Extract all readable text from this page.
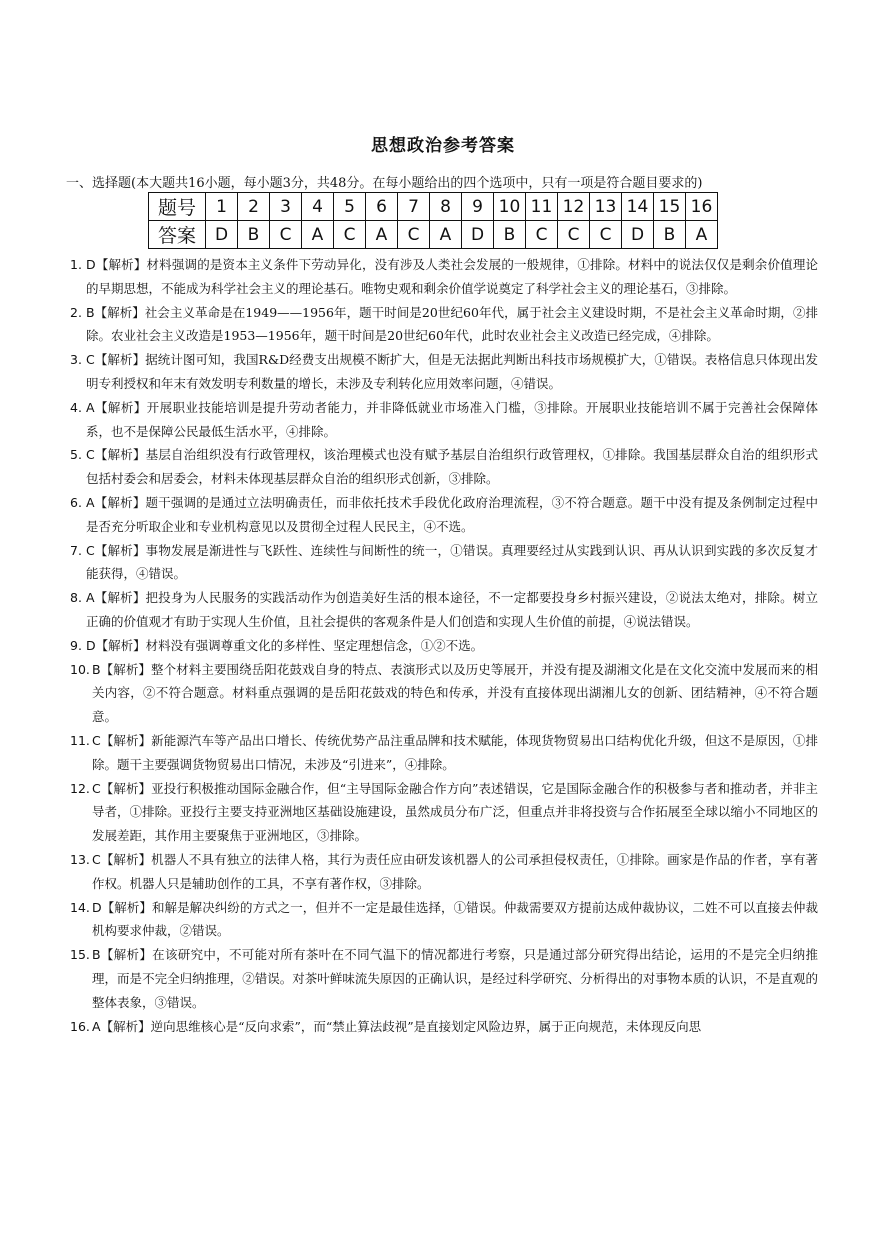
思想政治参考答案
一、选择题(本大题共16小题，每小题3分，共48分。在每小题给出的四个选项中，只有一项是符合题目要求的)
题号	1	2	3	4	5	6	7	8	9	10	11	12	13	14	15	16
答案	D	B	C	A	C	A	C	A	D	B	C	C	C	D	B	A
1. D【解析】材料强调的是资本主义条件下劳动异化，没有涉及人类社会发展的一般规律，①排除。材料中的说法仅仅是剩余价值理论的早期思想，不能成为科学社会主义的理论基石。唯物史观和剩余价值学说奠定了科学社会主义的理论基石，③排除。
2. B【解析】社会主义革命是在1949——1956年，题干时间是20世纪60年代，属于社会主义建设时期，不是社会主义革命时期，②排除。农业社会主义改造是1953—1956年，题干时间是20世纪60年代，此时农业社会主义改造已经完成，④排除。
3. C【解析】据统计图可知，我国R&D经费支出规模不断扩大，但是无法据此判断出科技市场规模扩大，①错误。表格信息只体现出发明专利授权和年末有效发明专利数量的增长，未涉及专利转化应用效率问题，④错误。
4. A【解析】开展职业技能培训是提升劳动者能力，并非降低就业市场准入门槛，③排除。开展职业技能培训不属于完善社会保障体系，也不是保障公民最低生活水平，④排除。
5. C【解析】基层自治组织没有行政管理权，该治理模式也没有赋予基层自治组织行政管理权，①排除。我国基层群众自治的组织形式包括村委会和居委会，材料未体现基层群众自治的组织形式创新，③排除。
6. A【解析】题干强调的是通过立法明确责任，而非依托技术手段优化政府治理流程，③不符合题意。题干中没有提及条例制定过程中是否充分听取企业和专业机构意见以及贯彻全过程人民民主，④不选。
7. C【解析】事物发展是渐进性与飞跃性、连续性与间断性的统一，①错误。真理要经过从实践到认识、再从认识到实践的多次反复才能获得，④错误。
8. A【解析】把投身为人民服务的实践活动作为创造美好生活的根本途径，不一定都要投身乡村振兴建设，②说法太绝对，排除。树立正确的价值观才有助于实现人生价值，且社会提供的客观条件是人们创造和实现人生价值的前提，④说法错误。
9. D【解析】材料没有强调尊重文化的多样性、坚定理想信念，①②不选。
10. B【解析】整个材料主要围绕岳阳花鼓戏自身的特点、表演形式以及历史等展开，并没有提及湖湘文化是在文化交流中发展而来的相关内容，②不符合题意。材料重点强调的是岳阳花鼓戏的特色和传承，并没有直接体现出湖湘儿女的创新、团结精神，④不符合题意。
11. C【解析】新能源汽车等产品出口增长、传统优势产品注重品牌和技术赋能，体现货物贸易出口结构优化升级，但这不是原因，①排除。题干主要强调货物贸易出口情况，未涉及“引进来”，④排除。
12. C【解析】亚投行积极推动国际金融合作，但“主导国际金融合作方向”表述错误，它是国际金融合作的积极参与者和推动者，并非主导者，①排除。亚投行主要支持亚洲地区基础设施建设，虽然成员分布广泛，但重点并非将投资与合作拓展至全球以缩小不同地区的发展差距，其作用主要聚焦于亚洲地区，③排除。
13. C【解析】机器人不具有独立的法律人格，其行为责任应由研发该机器人的公司承担侵权责任，①排除。画家是作品的作者，享有著作权。机器人只是辅助创作的工具，不享有著作权，③排除。
14. D【解析】和解是解决纠纷的方式之一，但并不一定是最佳选择，①错误。仲裁需要双方提前达成仲裁协议，二姓不可以直接去仲裁机构要求仲裁，②错误。
15. B【解析】在该研究中，不可能对所有茶叶在不同气温下的情况都进行考察，只是通过部分研究得出结论，运用的不是完全归纳推理，而是不完全归纳推理，②错误。对茶叶鲜味流失原因的正确认识，是经过科学研究、分析得出的对事物本质的认识，不是直观的整体表象，③错误。
16. A【解析】逆向思维核心是“反向求索”，而“禁止算法歧视”是直接划定风险边界，属于正向规范，未体现反向思
